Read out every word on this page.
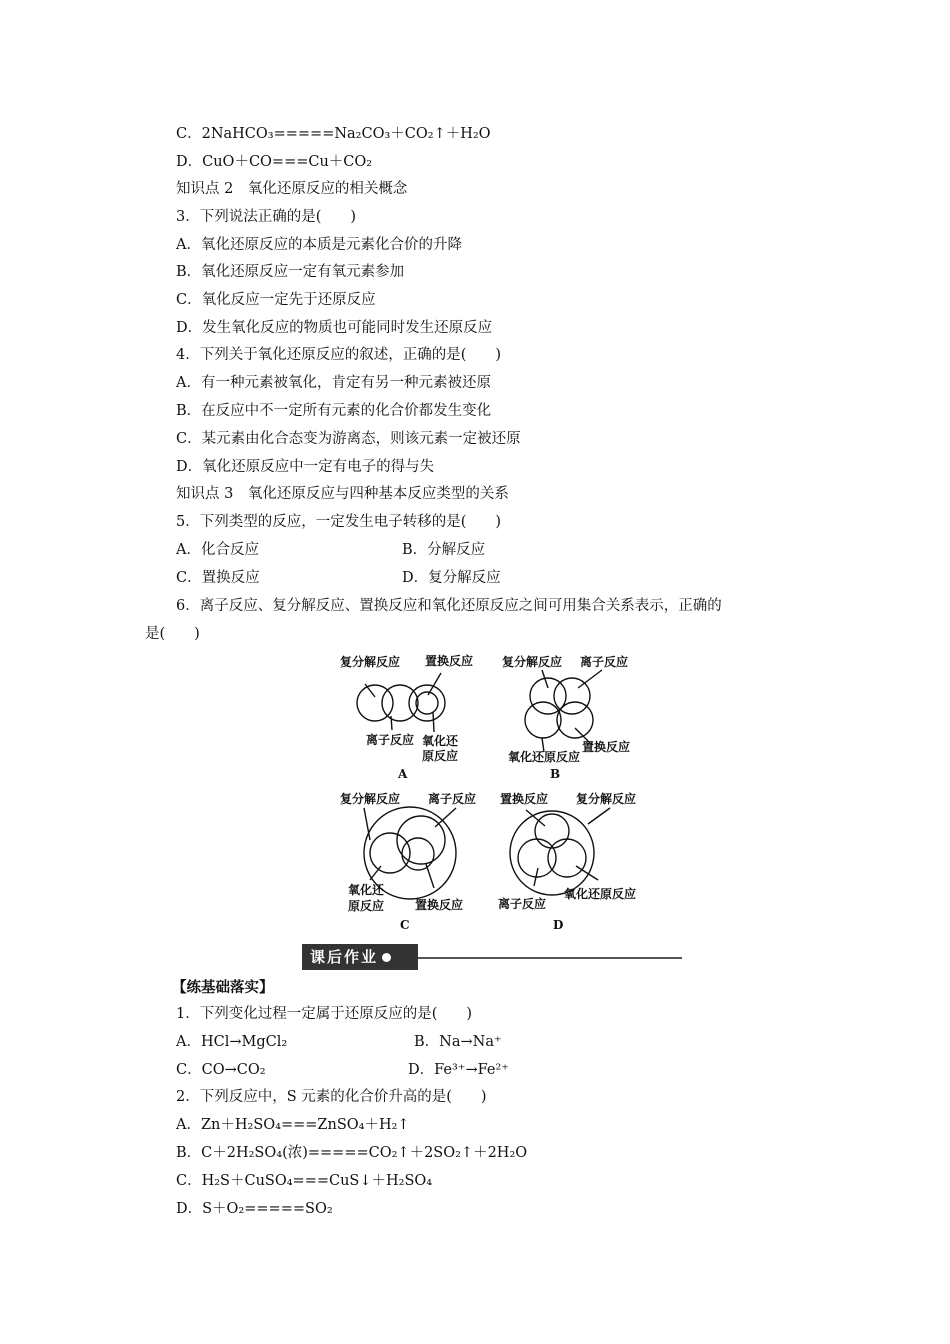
C．2NaHCO₃=====Na₂CO₃＋CO₂↑＋H₂O
D．CuO＋CO===Cu＋CO₂
知识点 2　氧化还原反应的相关概念
3．下列说法正确的是(　　)
A．氧化还原反应的本质是元素化合价的升降
B．氧化还原反应一定有氧元素参加
C．氧化反应一定先于还原反应
D．发生氧化反应的物质也可能同时发生还原反应
4．下列关于氧化还原反应的叙述，正确的是(　　)
A．有一种元素被氧化，肯定有另一种元素被还原
B．在反应中不一定所有元素的化合价都发生变化
C．某元素由化合态变为游离态，则该元素一定被还原
D．氧化还原反应中一定有电子的得与失
知识点 3　氧化还原反应与四种基本反应类型的关系
5．下列类型的反应，一定发生电子转移的是(　　)
A．化合反应	B．分解反应
C．置换反应	D．复分解反应
6．离子反应、复分解反应、置换反应和氧化还原反应之间可用集合关系表示，正确的
是(　　)
复分解反应 置换反应
离子反应 氧化还
原反应
A
复分解反应 离子反应
氧化还原反应
置换反应
B
复分解反应 离子反应
氧化还
原反应	置换反应
C
置换反应 复分解反应
离子反应
氧化还原反应
D
课后作业
【练基础落实】
1．下列变化过程一定属于还原反应的是(　　)
A．HCl→MgCl₂	B．Na→Na⁺
C．CO→CO₂	D．Fe³⁺→Fe²⁺
2．下列反应中，S 元素的化合价升高的是(　　)
A．Zn＋H₂SO₄===ZnSO₄＋H₂↑
B．C＋2H₂SO₄(浓)=====CO₂↑＋2SO₂↑＋2H₂O
C．H₂S＋CuSO₄===CuS↓＋H₂SO₄
D．S＋O₂=====SO₂
